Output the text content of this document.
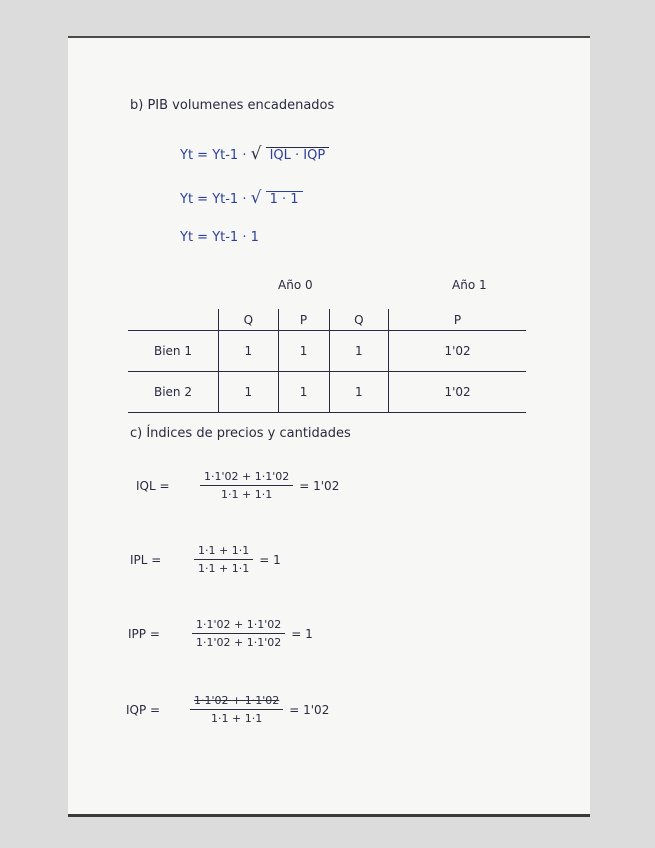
b) PIB volumenes encadenados
Yt = Yt-1 · √ IQL · IQP
Yt = Yt-1 · √ 1 · 1
Yt = Yt-1 · 1
Año 0	Año 1
	Q	P	Q	P
Bien 1	1	1	1	1'02
Bien 2	1	1	1	1'02
c) Índices de precios y cantidades
IQL =	$\frac{1\cdot 1'02 + 1\cdot 1'02}{1\cdot 1 + 1\cdot 1} = 1'02$
IPL =	$\frac{1\cdot 1 + 1\cdot 1}{1\cdot 1 + 1\cdot 1} = 1$
IPP =	$\frac{1\cdot 1'02 + 1\cdot 1'02}{1\cdot 1'02 + 1\cdot 1'02} = 1$
IQP =	$\frac{1\cdot 1'02 + 1\cdot 1'02}{1\cdot 1 + 1\cdot 1} = 1'02$
